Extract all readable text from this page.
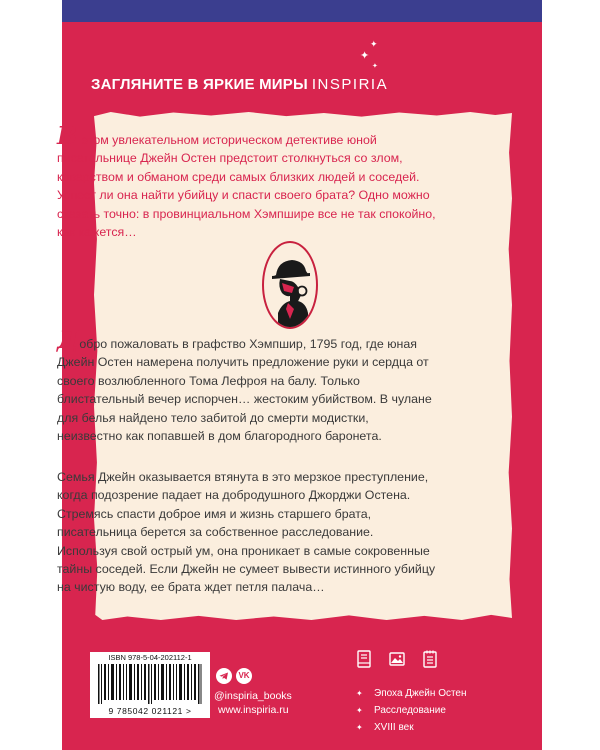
✦
✦
✦
ЗАГЛЯНИТЕ В ЯРКИЕ МИРЫ INSPIRIA
В этом увлекательном историческом детективе юной писательнице Джейн Остен предстоит столкнуться со злом, коварством и обманом среди самых близких людей и соседей. Успеет ли она найти убийцу и спасти своего брата? Одно можно сказать точно: в провинциальном Хэмпшире все не так спокойно, как кажется…
Добро пожаловать в графство Хэмпшир, 1795 год, где юная Джейн Остен намерена получить предложение руки и сердца от своего возлюбленного Тома Лефроя на балу. Только блистательный вечер испорчен… жестоким убийством. В чулане для белья найдено тело забитой до смерти модистки, неизвестно как попавшей в дом благородного баронета.
Семья Джейн оказывается втянута в это мерзкое преступление, когда подозрение падает на добродушного Джорджи Остена. Стремясь спасти доброе имя и жизнь старшего брата, писательница берется за собственное расследование. Используя свой острый ум, она проникает в самые сокровенные тайны соседей. Если Джейн не сумеет вывести истинного убийцу на чистую воду, ее брата ждет петля палача…
ISBN 978-5-04-202112-1
9 785042 021121 >
VK
@inspiria_books
www.inspiria.ru
✦ Эпоха Джейн Остен
✦ Расследование
✦ XVIII век
